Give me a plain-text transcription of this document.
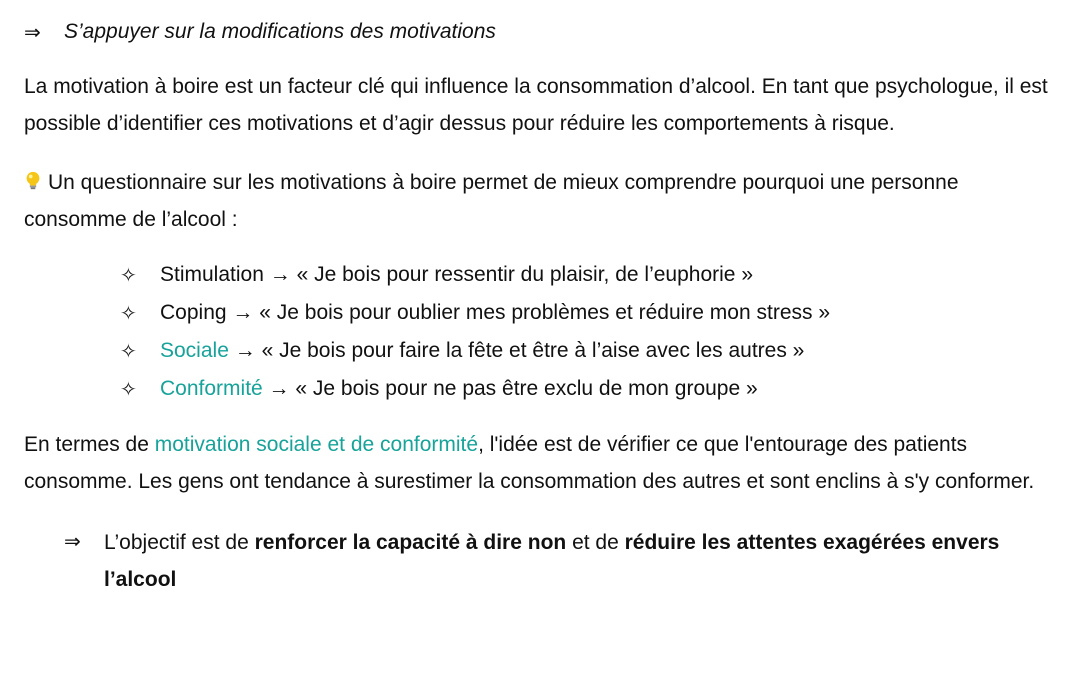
⇒	S’appuyer sur la modifications des motivations

La motivation à boire est un facteur clé qui influence la consommation d’alcool. En tant que psychologue, il est possible d’identifier ces motivations et d’agir dessus pour réduire les comportements à risque.

Un questionnaire sur les motivations à boire permet de mieux comprendre pourquoi une personne consomme de l’alcool :

✧	Stimulation → « Je bois pour ressentir du plaisir, de l’euphorie »
✧	Coping → « Je bois pour oublier mes problèmes et réduire mon stress »
✧	Sociale → « Je bois pour faire la fête et être à l’aise avec les autres »
✧	Conformité → « Je bois pour ne pas être exclu de mon groupe »

En termes de motivation sociale et de conformité, l'idée est de vérifier ce que l'entourage des patients consomme. Les gens ont tendance à surestimer la consommation des autres et sont enclins à s'y conformer.

⇒	L’objectif est de renforcer la capacité à dire non et de réduire les attentes exagérées envers l’alcool
